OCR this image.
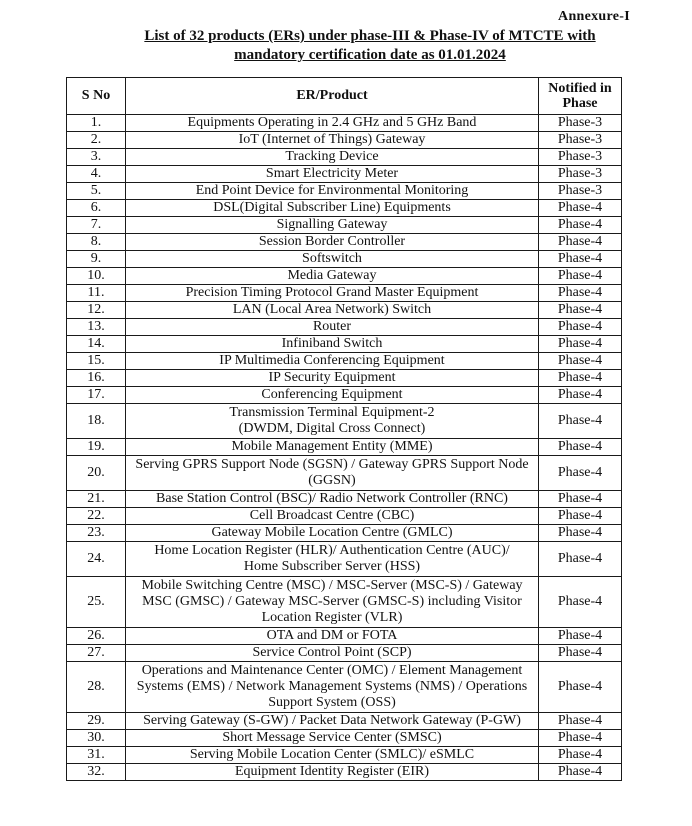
Annexure-I
List of 32 products (ERs) under phase-III & Phase-IV of MTCTE with
mandatory certification date as 01.01.2024
S No	ER/Product	Notified in
Phase
1.	Equipments Operating in 2.4 GHz and 5 GHz Band	Phase-3
2.	IoT (Internet of Things) Gateway	Phase-3
3.	Tracking Device	Phase-3
4.	Smart Electricity Meter	Phase-3
5.	End Point Device for Environmental Monitoring	Phase-3
6.	DSL(Digital Subscriber Line) Equipments	Phase-4
7.	Signalling Gateway	Phase-4
8.	Session Border Controller	Phase-4
9.	Softswitch	Phase-4
10.	Media Gateway	Phase-4
11.	Precision Timing Protocol Grand Master Equipment	Phase-4
12.	LAN (Local Area Network) Switch	Phase-4
13.	Router	Phase-4
14.	Infiniband Switch	Phase-4
15.	IP Multimedia Conferencing Equipment	Phase-4
16.	IP Security Equipment	Phase-4
17.	Conferencing Equipment	Phase-4
18.	Transmission Terminal Equipment-2
(DWDM, Digital Cross Connect)	Phase-4
19.	Mobile Management Entity (MME)	Phase-4
20.	Serving GPRS Support Node (SGSN) / Gateway GPRS Support Node
(GGSN)	Phase-4
21.	Base Station Control (BSC)/ Radio Network Controller (RNC)	Phase-4
22.	Cell Broadcast Centre (CBC)	Phase-4
23.	Gateway Mobile Location Centre (GMLC)	Phase-4
24.	Home Location Register (HLR)/ Authentication Centre (AUC)/
Home Subscriber Server (HSS)	Phase-4
25.	Mobile Switching Centre (MSC) / MSC-Server (MSC-S) / Gateway
MSC (GMSC) / Gateway MSC-Server (GMSC-S) including Visitor
Location Register (VLR)	Phase-4
26.	OTA and DM or FOTA	Phase-4
27.	Service Control Point (SCP)	Phase-4
28.	Operations and Maintenance Center (OMC) / Element Management
Systems (EMS) / Network Management Systems (NMS) / Operations
Support System (OSS)	Phase-4
29.	Serving Gateway (S-GW) / Packet Data Network Gateway (P-GW)	Phase-4
30.	Short Message Service Center (SMSC)	Phase-4
31.	Serving Mobile Location Center (SMLC)/ eSMLC	Phase-4
32.	Equipment Identity Register (EIR)	Phase-4
